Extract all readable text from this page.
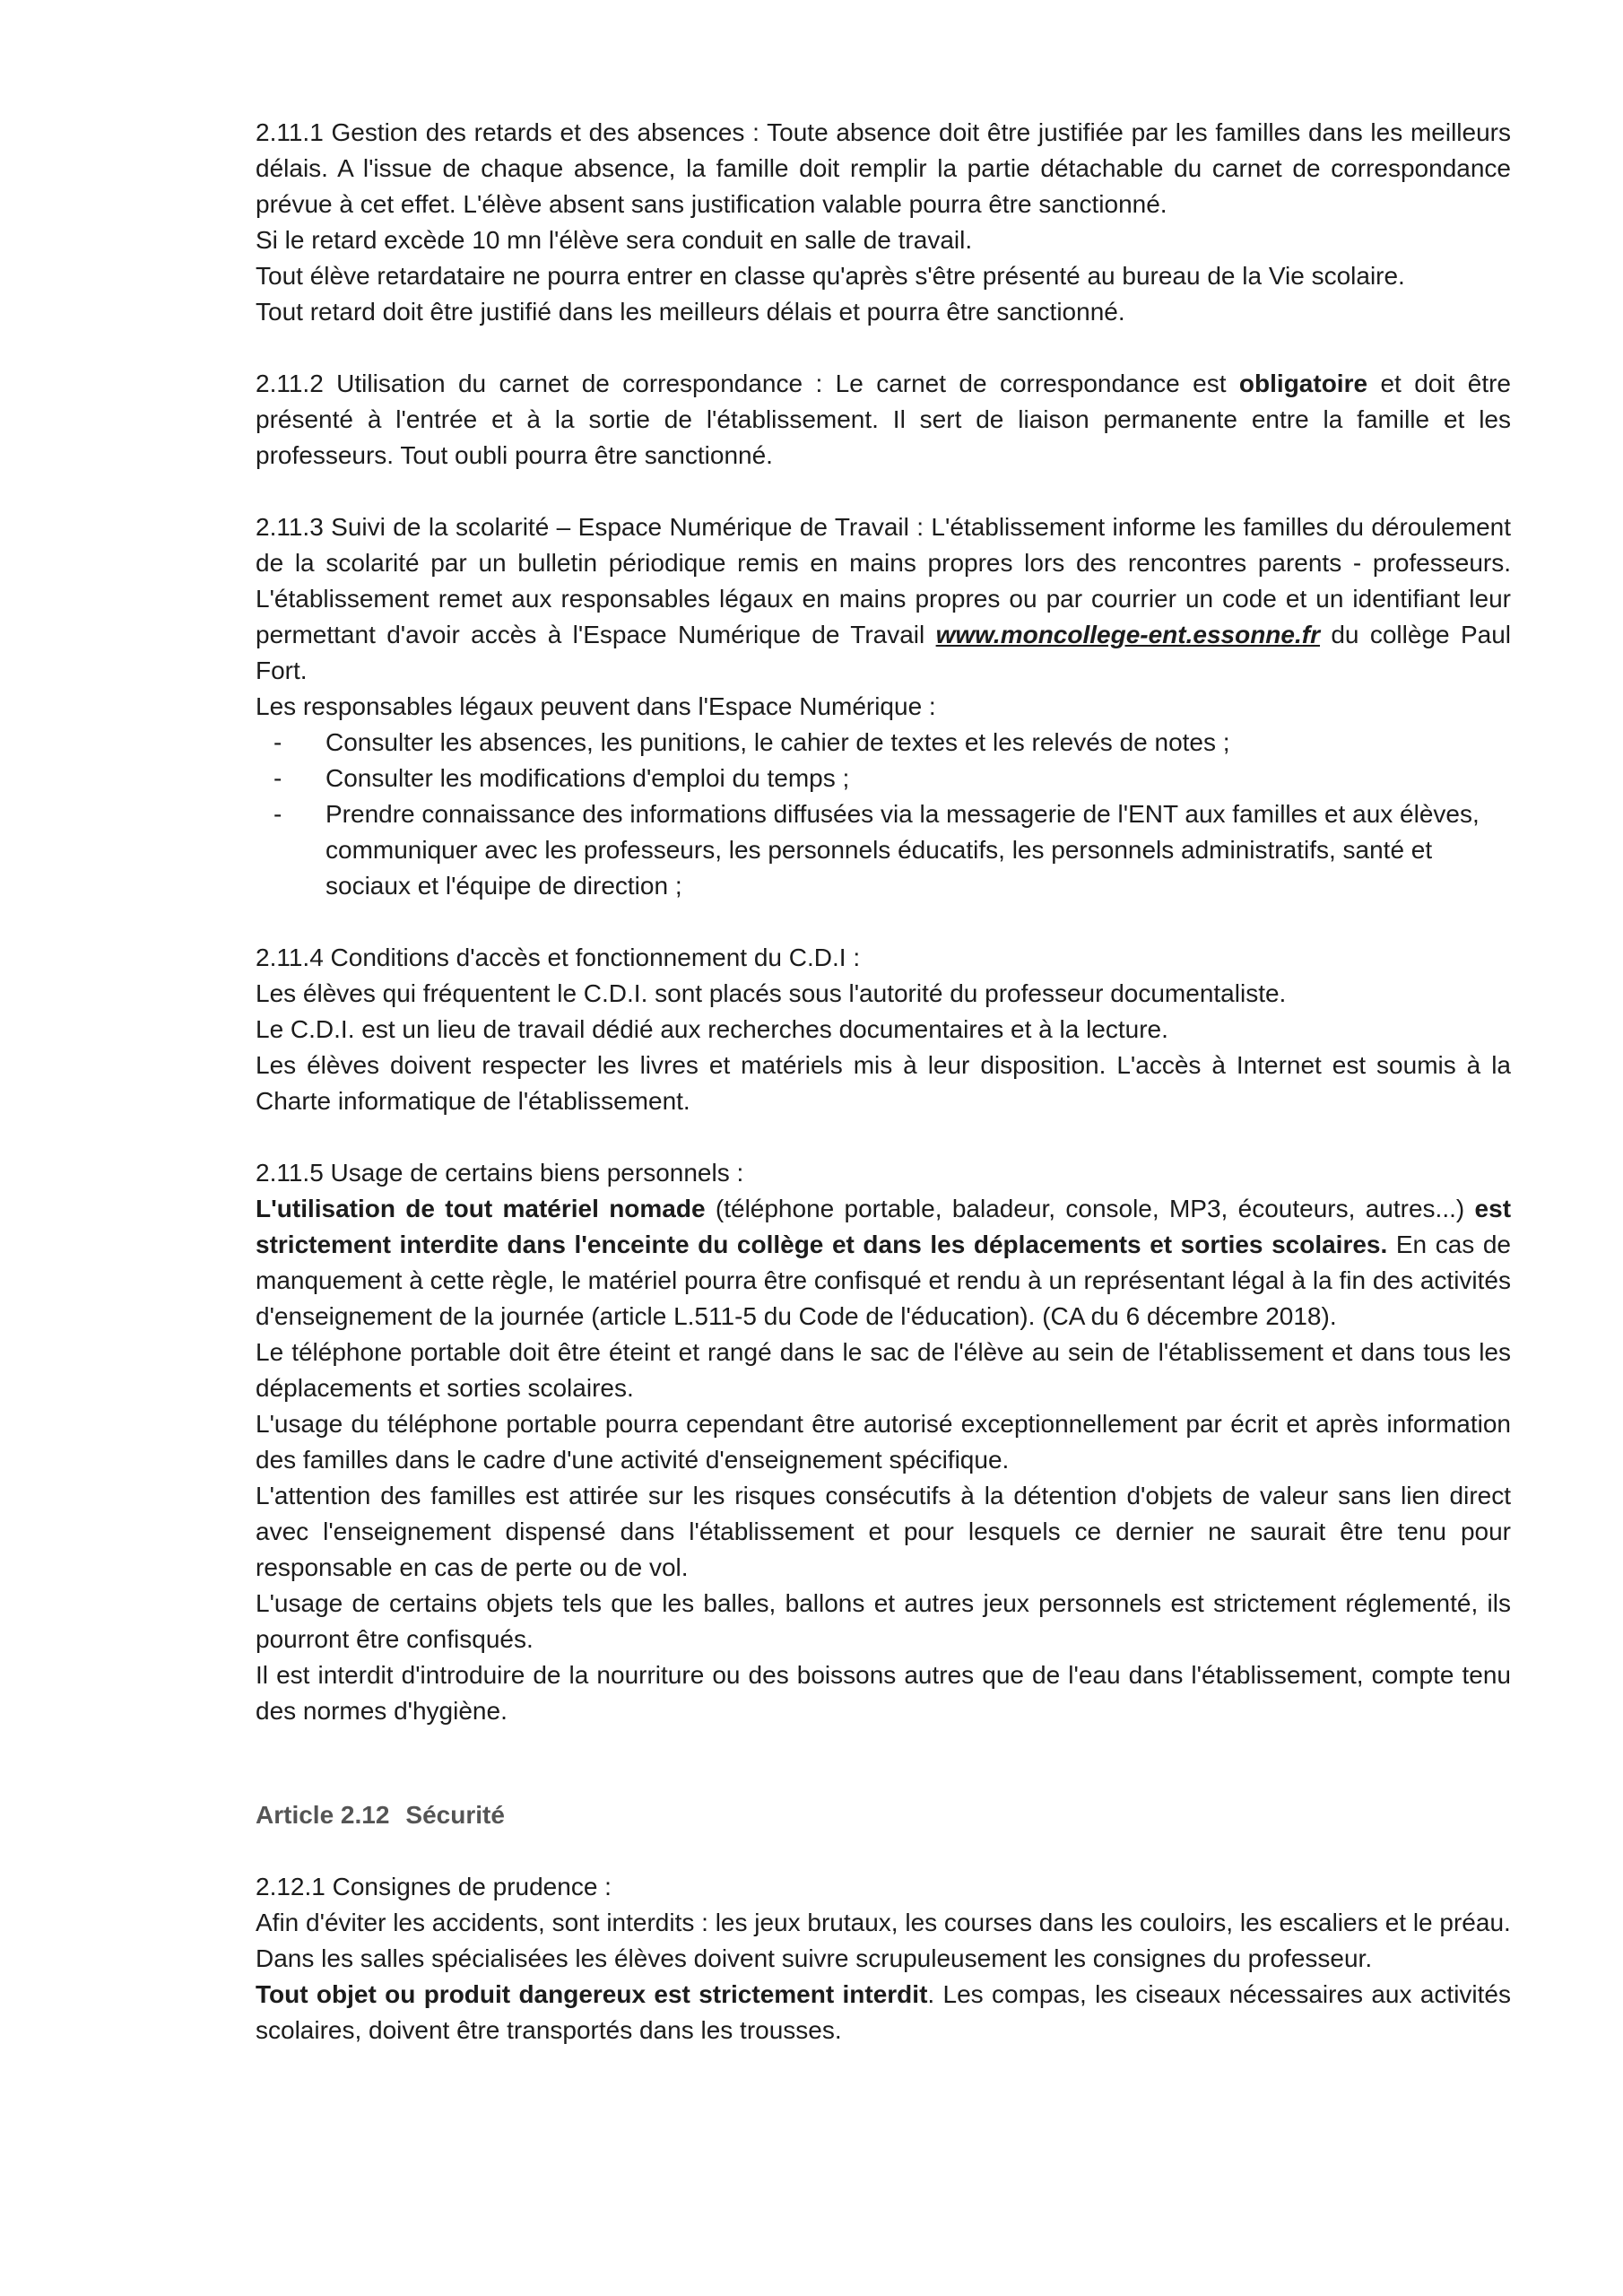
2.11.1 Gestion des retards et des absences : Toute absence doit être justifiée par les familles dans les meilleurs délais. A l'issue de chaque absence, la famille doit remplir la partie détachable du carnet de correspondance prévue à cet effet. L'élève absent sans justification valable pourra être sanctionné.

Si le retard excède 10 mn l'élève sera conduit en salle de travail.

Tout élève retardataire ne pourra entrer en classe qu'après s'être présenté au bureau de la Vie scolaire.

Tout retard doit être justifié dans les meilleurs délais et pourra être sanctionné.

2.11.2 Utilisation du carnet de correspondance : Le carnet de correspondance est obligatoire et doit être présenté à l'entrée et à la sortie de l'établissement. Il sert de liaison permanente entre la famille et les professeurs. Tout oubli pourra être sanctionné.

2.11.3 Suivi de la scolarité – Espace Numérique de Travail : L'établissement informe les familles du déroulement de la scolarité par un bulletin périodique remis en mains propres lors des rencontres parents - professeurs. L'établissement remet aux responsables légaux en mains propres ou par courrier un code et un identifiant leur permettant d'avoir accès à l'Espace Numérique de Travail www.moncollege-ent.essonne.fr du collège Paul Fort.

Les responsables légaux peuvent dans l'Espace Numérique :

- Consulter les absences, les punitions, le cahier de textes et les relevés de notes ;
- Consulter les modifications d'emploi du temps ;
- Prendre connaissance des informations diffusées via la messagerie de l'ENT aux familles et aux élèves, communiquer avec les professeurs, les personnels éducatifs, les personnels administratifs, santé et sociaux et l'équipe de direction ;

2.11.4 Conditions d'accès et fonctionnement du C.D.I :

Les élèves qui fréquentent le C.D.I. sont placés sous l'autorité du professeur documentaliste.

Le C.D.I. est un lieu de travail dédié aux recherches documentaires et à la lecture.

Les élèves doivent respecter les livres et matériels mis à leur disposition. L'accès à Internet est soumis à la Charte informatique de l'établissement.

2.11.5 Usage de certains biens personnels :

L'utilisation de tout matériel nomade (téléphone portable, baladeur, console, MP3, écouteurs, autres...) est strictement interdite dans l'enceinte du collège et dans les déplacements et sorties scolaires. En cas de manquement à cette règle, le matériel pourra être confisqué et rendu à un représentant légal à la fin des activités d'enseignement de la journée (article L.511-5 du Code de l'éducation). (CA du 6 décembre 2018).

Le téléphone portable doit être éteint et rangé dans le sac de l'élève au sein de l'établissement et dans tous les déplacements et sorties scolaires.

L'usage du téléphone portable pourra cependant être autorisé exceptionnellement par écrit et après information des familles dans le cadre d'une activité d'enseignement spécifique.

L'attention des familles est attirée sur les risques consécutifs à la détention d'objets de valeur sans lien direct avec l'enseignement dispensé dans l'établissement et pour lesquels ce dernier ne saurait être tenu pour responsable en cas de perte ou de vol.

L'usage de certains objets tels que les balles, ballons et autres jeux personnels est strictement réglementé, ils pourront être confisqués.

Il est interdit d'introduire de la nourriture ou des boissons autres que de l'eau dans l'établissement, compte tenu des normes d'hygiène.

Article 2.12 Sécurité

2.12.1 Consignes de prudence :

Afin d'éviter les accidents, sont interdits : les jeux brutaux, les courses dans les couloirs, les escaliers et le préau.

Dans les salles spécialisées les élèves doivent suivre scrupuleusement les consignes du professeur.

Tout objet ou produit dangereux est strictement interdit. Les compas, les ciseaux nécessaires aux activités scolaires, doivent être transportés dans les trousses.
